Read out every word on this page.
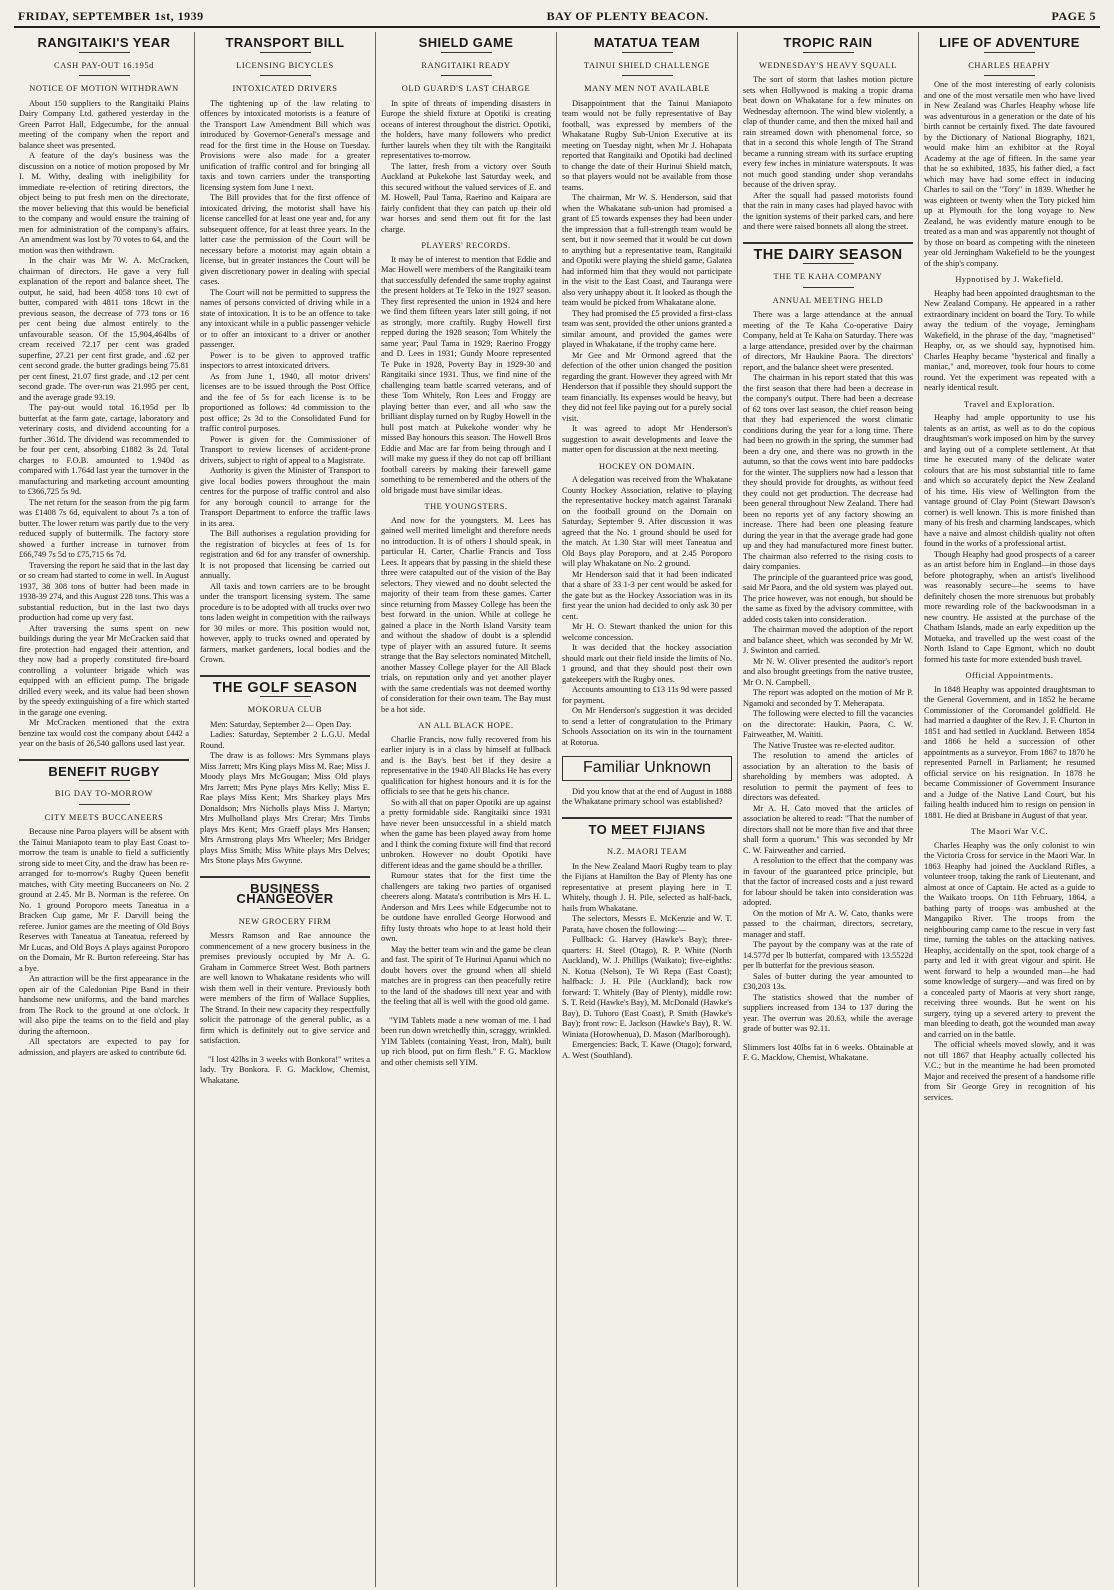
FRIDAY, SEPTEMBER 1st, 1939	BAY OF PLENTY BEACON.	PAGE 5
RANGITAIKI'S YEAR
CASH PAY-OUT 16.195d
NOTICE OF MOTION WITHDRAWN

About 150 suppliers to the Rangitaiki Plains Dairy Company Ltd. gathered yesterday in the Green Parrot Hall, Edgecumbe, for the annual meeting of the company when the report and balance sheet was presented.

A feature of the day's business was the discussion on a notice of motion proposed by Mr I. M. Withy, dealing with ineligibility for immediate re-election of retiring directors, the object being to put fresh men on the directorate, the mover believing that this would be beneficial to the company and would ensure the training of men for administration of the company's affairs. An amendment was lost by 70 votes to 64, and the motion was then withdrawn.

In the chair was Mr W. A. McCracken, chairman of directors. He gave a very full explanation of the report and balance sheet. The output, he said, had been 4058 tons 10 cwt of butter, compared with 4811 tons 18cwt in the previous season, the decrease of 773 tons or 16 per cent being due almost entirely to the unfavourable season. Of the 15,904,464lbs of cream received 72.17 per cent was graded superfine, 27.21 per cent first grade, and .62 per cent second grade. the butter gradings being 75.81 per cent finest, 21.07 first grade, and .12 per cent second grade. The over-run was 21.995 per cent, and the average grade 93.19.

The pay-out would total 16.195d per lb butterfat at the farm gate, cartage, laboratory and veterinary costs, and dividend accounting for a further .361d. The dividend was recommended to be four per cent, absorbing £1882 3s 2d. Total charges to F.O.B. amounted to 1.940d as compared with 1.764d last year the turnover in the manufacturing and marketing account amounting to £366,725 5s 9d.

The net return for the season from the pig farm was £1408 7s 6d, equivalent to about 7s a ton of butter. The lower return was partly due to the very reduced supply of buttermilk. The factory store showed a further increase in turnover from £66,749 7s 5d to £75,715 6s 7d.

Traversing the report he said that in the last day or so cream had started to come in well. In August 1937, 38 308 tons of butter had been made in 1938-39 274, and this August 228 tons. This was a substantial reduction, but in the last two days production had come up very fast.

After traversing the sums spent on new buildings during the year Mr McCracken said that fire protection had engaged their attention, and they now had a properly constituted fire-board controlling a volunteer brigade which was equipped with an efficient pump. The brigade drilled every week, and its value had been shown by the speedy extinguishing of a fire which started in the garage one evening.

Mr McCracken mentioned that the extra benzine tax would cost the company about £442 a year on the basis of 26,540 gallons used last year.

BENEFIT RUGBY
BIG DAY TO-MORROW
CITY MEETS BUCCANEERS

Because nine Paroa players will be absent with the Tainui Maniapoto team to play East Coast to-morrow the team is unable to field a sufficiently strong side to meet City, and the draw has been re-arranged for to-morrow's Rugby Queen benefit matches, with City meeting Buccaneers on No. 2 ground at 2.45. Mr B. Norman is the referee. On No. 1 ground Poroporo meets Taneatua in a Bracken Cup game, Mr F. Darvill being the referee. Junior games are the meeting of Old Boys Reserves with Taneatua at Taneatua, refereed by Mr Lucas, and Old Boys A plays against Poroporo on the Domain, Mr R. Burton refereeing. Star has a bye.

An attraction will be the first appearance in the open air of the Caledonian Pipe Band in their handsome new uniforms, and the band marches from The Rock to the ground at one o'clock. It will also pipe the teams on to the field and play during the afternoon.

All spectators are expected to pay for admission, and players are asked to contribute 6d.

TRANSPORT BILL
LICENSING BICYCLES
INTOXICATED DRIVERS

The tightening up of the law relating to offences by intoxicated motorists is a feature of the Transport Law Amendment Bill which was introduced by Governor-General's message and read for the first time in the House on Tuesday. Provisions were also made for a greater unification of traffic control and for bringing all taxis and town carriers under the transporting licensing system fom June 1 next.

The Bill provides that for the first offence of intoxicated driving, the motorist shall have his license cancelled for at least one year and, for any subsequent offence, for at least three years. In the latter case the permission of the Court will be necessary before a motorist may again obtain a license, but in greater instances the Court will be given discretionary power in dealing with special cases.

The Court will not be permitted to suppress the names of persons convicted of driving while in a state of intoxication. It is to be an offence to take any intoxicant while in a public passenger vehicle or to offer an intoxicant to a driver or another passenger.

Power is to be given to approved traffic inspectors to arrest intoxicated drivers.

As from June 1, 1940, all motor drivers' licenses are to be issued through the Post Office and the fee of 5s for each license is to be proportioned as follows: 4d commission to the post office; 2s 3d to the Consolidated Fund for traffic control purposes.

Power is given for the Commissioner of Transport to review licenses of accident-prone drivers, subject to right of appeal to a Magistrate.

Authority is given the Minister of Transport to give local bodies powers throughout the main centres for the purpose of traffic control and also for any borough council to arrange for the Transport Department to enforce the traffic laws in its area.

The Bill authorises a regulation providing for the registration of bicycles at fees of 1s for registration and 6d for any transfer of ownership. It is not proposed that licensing be carried out annually.

All taxis and town carriers are to be brought under the transport licensing system. The same procedure is to be adopted with all trucks over two tons laden weight in competition with the railways for 30 miles or more. This position would not, however, apply to trucks owned and operated by farmers, market gardeners, local bodies and the Crown.

THE GOLF SEASON
MOKORUA CLUB

Men: Saturday, September 2— Open Day.

Ladies: Saturday, September 2 L.G.U. Medal Round.

The draw is as follows: Mrs Symmans plays Miss Jarrett; Mrs King plays Miss M. Rae; Miss J. Moody plays Mrs McGougan; Miss Old plays Mrs Jarrett; Mrs Pyne plays Mrs Kelly; Miss E. Rae plays Miss Kent; Mrs Sharkey plays Mrs Donaldson; Mrs Nicholls plays Miss J. Martyn; Mrs Mulholland plays Mrs Crerar; Mrs Timbs plays Mrs Kent; Mrs Graeff plays Mrs Hansen; Mrs Armstrong plays Mrs Wheeler; Mrs Bridger plays Miss Smith; Miss White plays Mrs Delves; Mrs Stone plays Mrs Gwynne.

BUSINESS CHANGEOVER
NEW GROCERY FIRM

Messrs Ramson and Rae announce the commencement of a new grocery business in the premises previously occupied by Mr A. G. Graham in Commerce Street West. Both partners are well known to Whakatane residents who will wish them well in their venture. Previously both were members of the firm of Wallace Supplies, The Strand. In their new capacity they respectfully solicit the patronage of the general public, as a firm which is definitely out to give service and satisfaction.

"I lost 42lbs in 3 weeks with Bonkora!" writes a lady. Try Bonkora. F. G. Macklow, Chemist, Whakatane.
SHIELD GAME
RANGITAIKI READY
OLD GUARD'S LAST CHARGE

In spite of threats of impending disasters in Europe the shield fixture at Opotiki is creating oceans of interest throughout the district. Opotiki, the holders, have many followers who predict further laurels when they tilt with the Rangitaiki representatives to-morrow.

The latter, fresh from a victory over South Auckland at Pukekohe last Saturday week, and this secured without the valued services of E. and M. Howell, Paul Tama, Raerino and Kaipara are fairly confident that they can patch up their old war horses and send them out fit for the last charge.

PLAYERS' RECORDS.

It may be of interest to mention that Eddie and Mac Howell were members of the Rangitaiki team that successfully defended the same trophy against the present holders at Te Teko in the 1927 season. They first represented the union in 1924 and here we find them fifteen years later still going, if not as strongly, more craftily. Rugby Howell first repped during the 1928 season; Tom Whitely the same year; Paul Tama in 1929; Raerino Froggy and D. Lees in 1931; Gundy Moore represented Te Puke in 1928, Poverty Bay in 1929-30 and Rangitaiki since 1931. Thus, we find nine of the challenging team battle scarred veterans, and of these Tom Whitely, Ron Lees and Froggy are playing better than ever, and all who saw the brilliant display turned on by Rugby Howell in the hull post match at Pukekohe wonder why he missed Bay honours this season. The Howell Bros Eddie and Mac are far from being through and I will make my guess if they do not cap off brilliant football careers by making their farewell game something to be remembered and the others of the old brigade must have similar ideas.

THE YOUNGSTERS.

And now for the youngsters. M. Lees has gained well merited limelight and therefore needs no introduction. It is of others I should speak, in particular H. Carter, Charlie Francis and Toss Lees. It appears that by passing in the shield these three were catapulted out of the vision of the Bay selectors. They viewed and no doubt selected the majority of their team from these games. Carter since returning from Massey College has been the best forward in the union. While at college he gained a place in the North Island Varsity team and without the shadow of doubt is a splendid type of player with an assured future. It seems strange that the Bay selectors nominated Mitchell, another Massey College player for the All Black trials, on reputation only and yet another player with the same credentials was not deemed worthy of consideration for their own team. The Bay must be a hot side.

AN ALL BLACK HOPE.

Charlie Francis, now fully recovered from his earlier injury is in a class by himself at fullback and is the Bay's best bet if they desire a representative in the 1940 All Blacks He has every qualification for highest honours and it is for the officials to see that he gets his chance.

So with all that on paper Opotiki are up against a pretty formidable side. Rangitaiki since 1931 have never been unsuccessful in a shield match when the game has been played away from home and I think the coming fixture will find that record unbroken. However no doubt Opotiki have different ideas and the game should be a thriller.

Rumour states that for the first time the challengers are taking two parties of organised cheerers along. Matata's contribution is Mrs H. L. Anderson and Mrs Lees while Edgecumbe not to be outdone have enrolled George Horwood and fifty lusty throats who hope to at least hold their own.

May the better team win and the game be clean and fast. The spirit of Te Hurinui Apanui which no doubt hovers over the ground when all shield matches are in progress can then peacefully retire to the land of the shadows till next year and with the feeling that all is well with the good old game.

"YIM Tablets made a new woman of me. I had been run down wretchedly thin, scraggy, wrinkled. YIM Tablets (containing Yeast, Iron, Malt), built up rich blood, put on firm flesh." F. G. Macklow and other chemists sell YIM.
MATATUA TEAM
TAINUI SHIELD CHALLENGE
MANY MEN NOT AVAILABLE

Disappointment that the Tainui Maniapoto team would not be fully representative of Bay football, was expressed by members of the Whakatane Rugby Sub-Union Executive at its meeting on Tuesday night, when Mr J. Hohapata reported that Rangitaiki and Opotiki had declined to change the date of their Hurinui Shield match, so that players would not be available from those teams.

The chairman, Mr W. S. Henderson, said that when the Whakatane sub-union had promised a grant of £5 towards expenses they had been under the impression that a full-strength team would be sent, but it now seemed that it would be cut down to anything but a representative team, Rangitaiki and Opotiki were playing the shield game, Galatea had informed him that they would not participate in the visit to the East Coast, and Tauranga were also very unhappy about it. It looked as though the team would be picked from Whakatane alone.

They had promised the £5 provided a first-class team was sent, provided the other unions granted a similar amount, and provided the games were played in Whakatane, if the trophy came here.

Mr Gee and Mr Ormond agreed that the defection of the other union changed the position regarding the grant. However they agreed with Mr Henderson that if possible they should support the team financially. Its expenses would be heavy, but they did not feel like paying out for a purely social visit.

It was agreed to adopt Mr Henderson's suggestion to await developments and leave the matter open for discussion at the next meeting.

HOCKEY ON DOMAIN.

A delegation was received from the Whakatane County Hockey Association, relative to playing the representative hockey match against Taranaki on the football ground on the Domain on Saturday, September 9. After discussion it was agreed that the No. 1 ground should be used for the match. At 1.30 Star will meet Taneatua and Old Boys play Poroporo, and at 2.45 Poroporo will play Whakatane on No. 2 ground.

Mr Henderson said that it had been indicated that a share of 33 1-3 per cent would be asked for the gate but as the Hockey Association was in its first year the union had decided to only ask 30 per cent.

Mr H. O. Stewart thanked the union for this welcome concession.

It was decided that the hockey association should mark out their field inside the limits of No. 1 ground, and that they should post their own gatekeepers with the Rugby ones.

Accounts amounting to £13 11s 9d were passed for payment.

On Mr Henderson's suggestion it was decided to send a letter of congratulation to the Primary Schools Association on its win in the tournament at Rotorua.

Familiar Unknown

Did you know that at the end of August in 1888 the Whakatane primary school was established?

TO MEET FIJIANS
N.Z. MAORI TEAM

In the New Zealand Maori Rugby team to play the Fijians at Hamilton the Bay of Plenty has one representative at present playing here in T. Whitely, though J. H. Pile, selected as half-back, hails from Whakatane.

The selectors, Messrs E. McKenzie and W. T. Parata, have chosen the following:—

Fullback: G. Harvey (Hawke's Bay); three-quarters: H. Steel (Otago), R. P. White (North Auckland), W. J. Phillips (Waikato); five-eighths: N. Kotua (Nelson), Te Wi Repa (East Coast); halfback: J. H. Pile (Auckland); back row forward: T. Whitely (Bay of Plenty), middle row: S. T. Reid (Hawke's Bay), M. McDonald (Hawke's Bay), D. Tuhoro (East Coast), P. Smith (Hawke's Bay); front row: E. Jackson (Hawke's Bay), R. W. Winiata (Horowhenua), D. Mason (Marlborough).

Emergencies: Back, T. Kawe (Otago); forward, A. West (Southland).

TROPIC RAIN
WEDNESDAY'S HEAVY SQUALL

The sort of storm that lashes motion picture sets when Hollywood is making a tropic drama beat down on Whakatane for a few minutes on Wednesday afternoon. The wind blew violently, a clap of thunder came, and then the mixed hail and rain streamed down with phenomenal force, so that in a second this whole length of The Strand became a running stream with its surface erupting every few inches in miniature waterspouts. It was not much good standing under shop verandahs because of the driven spray.

After the squall had passed motorists found that the rain in many cases had played havoc with the ignition systems of their parked cars, and here and there were raised bonnets all along the street.

THE DAIRY SEASON
THE TE KAHA COMPANY
ANNUAL MEETING HELD

There was a large attendance at the annual meeting of the Te Kaha Co-operative Dairy Company, held at Te Kaha on Saturday. There was a large attendance, presided over by the chairman of directors, Mr Haukine Paora. The directors' report, and the balance sheet were presented.

The chairman in his report stated that this was the first season that there had been a decrease in the company's output. There had been a decrease of 62 tons over last season, the chief reason being that they had experienced the worst climatic conditions during the year for a long time. There had been no growth in the spring, the summer had been a dry one, and there was no growth in the autumn, so that the cows went into bare paddocks for the winter. The suppliers now had a lesson that they should provide for droughts, as without feed they could not get production. The decrease had been general throughout New Zealand. There had been no reports yet of any factory showing an increase. There had been one pleasing feature during the year in that the average grade had gone up and they had manufactured more finest butter. The chairman also referred to the rising costs to dairy companies.

The principle of the guaranteed price was good, said Mr Paora, and the old system was played out. The price however, was not enough, but should be the same as fixed by the advisory committee, with added costs taken into consideration.

The chairman moved the adoption of the report and balance sheet, which was seconded by Mr W. J. Swinton and carried.

Mr N. W. Oliver presented the auditor's report and also brought greetings from the native trustee, Mr O. N. Campbell.

The report was adopted on the motion of Mr P. Ngamoki and seconded by T. Meherapata.

The following were elected to fill the vacancies on the directorate: Haukin, Paora, C. W. Fairweather, M. Waititi.

The Native Trustee was re-elected auditor.

The resolution to amend the articles of association by an alteration to the basis of shareholding by members was adopted. A resolution to permit the payment of fees to directors was defeated.

Mr A. H. Cato moved that the articles of association be altered to read: "That the number of directors shall not be more than five and that three shall form a quorum." This was seconded by Mr C. W. Fairweather and carried.

A resolution to the effect that the company was in favour of the guaranteed price principle, but that the factor of increased costs and a just reward for labour should be taken into consideration was adopted.

On the motion of Mr A. W. Cato, thanks were passed to the chairman, directors, secretary, manager and staff.

The payout by the company was at the rate of 14.577d per lb butterfat, compared with 13.5522d per lb butterfat for the previous season.

Sales of butter during the year amounted to £30,203 13s.

The statistics showed that the number of suppliers increased from 134 to 137 during the year. The overrun was 20.63, while the average grade of butter was 92.11.

Slimmers lost 40lbs fat in 6 weeks. Obtainable at F. G. Macklow, Chemist, Whakatane.
LIFE OF ADVENTURE
CHARLES HEAPHY

One of the most interesting of early colonists and one of the most versatile men who have lived in New Zealand was Charles Heaphy whose life was adventurous in a generation or the date of his birth cannot be certainly fixed. The date favoured by the Dictionary of National Biography, 1821, would make him an exhibitor at the Royal Academy at the age of fifteen. In the same year that he so exhibited, 1835, his father died, a fact which may have had some effect in inducing Charles to sail on the "Tory" in 1839. Whether he was eighteen or twenty when the Tory picked him up at Plymouth for the long voyage to New Zealand, he was evidently mature enough to be treated as a man and was apparently not thought of by those on board as competing with the nineteen year old Jerningham Wakefield to be the youngest of the ship's company.

Hypnotised by J. Wakefield.

Heaphy had been appointed draughtsman to the New Zealand Company. He appeared in a rather extraordinary incident on board the Tory. To while away the tedium of the voyage, Jerningham Wakefield, in the phrase of the day, "magnetised" Heaphy, or, as we should say, hypnotised him. Charles Heaphy became "hysterical and finally a maniac," and, moreover, took four hours to come round. Yet the experiment was repeated with a nearly identical result.

Travel and Exploration.

Heaphy had ample opportunity to use his talents as an artist, as well as to do the copious draughtsman's work imposed on him by the survey and laying out of a complete settlement. At that time he executed many of the delicate water colours that are his most substantial title to fame and which so accurately depict the New Zealand of his time. His view of Wellington from the vantage ground of Clay Point (Stewart Dawson's corner) is well known. This is more finished than many of his fresh and charming landscapes, which have a naive and almost childish quality not often found in the works of a professional artist.

Though Heaphy had good prospects of a career as an artist before him in England—in those days before photography, when an artist's livelihood was reasonably secure—he seems to have definitely chosen the more strenuous but probably more rewarding role of the backwoodsman in a new country. He assisted at the purchase of the Chatham Islands, made an early expedition up the Motueka, and travelled up the west coast of the North Island to Cape Egmont, which no doubt formed his taste for more extended bush travel.

Official Appointments.

In 1848 Heaphy was appointed draughtsman to the General Government, and in 1852 he became Commissioner of the Coromandel goldfield. He had married a daughter of the Rev. J. F. Churton in 1851 and had settled in Auckland. Between 1854 and 1866 he held a succession of other appointments as a surveyor. From 1867 to 1870 he represented Parnell in Parliament; he resumed official service on his resignation. In 1878 he became Commissioner of Government Insurance and a Judge of the Native Land Court, but his failing health induced him to resign on pension in 1881. He died at Brisbane in August of that year.

The Maori War V.C.

Charles Heaphy was the only colonist to win the Victoria Cross for service in the Maori War. In 1863 Heaphy had joined the Auckland Rifles, a volunteer troop, taking the rank of Lieutenant, and almost at once of Captain. He acted as a guide to the Waikato troops. On 11th February, 1864, a bathing party of troops was ambushed at the Mangapiko River. The troops from the neighbouring camp came to the rescue in very fast time, turning the tables on the attacking natives. Heaphy, accidentally on the spot, took charge of a party and led it with great vigour and spirit. He went forward to help a wounded man—he had some knowledge of surgery—and was fired on by a concealed party of Maoris at very short range, receiving three wounds. But he went on his surgery, tying up a severed artery to prevent the man bleeding to death, got the wounded man away and carried on in the battle.

The official wheels moved slowly, and it was not till 1867 that Heaphy actually collected his V.C.; but in the meantime he had been promoted Major and received the present of a handsome rifle from Sir George Grey in recognition of his services.
